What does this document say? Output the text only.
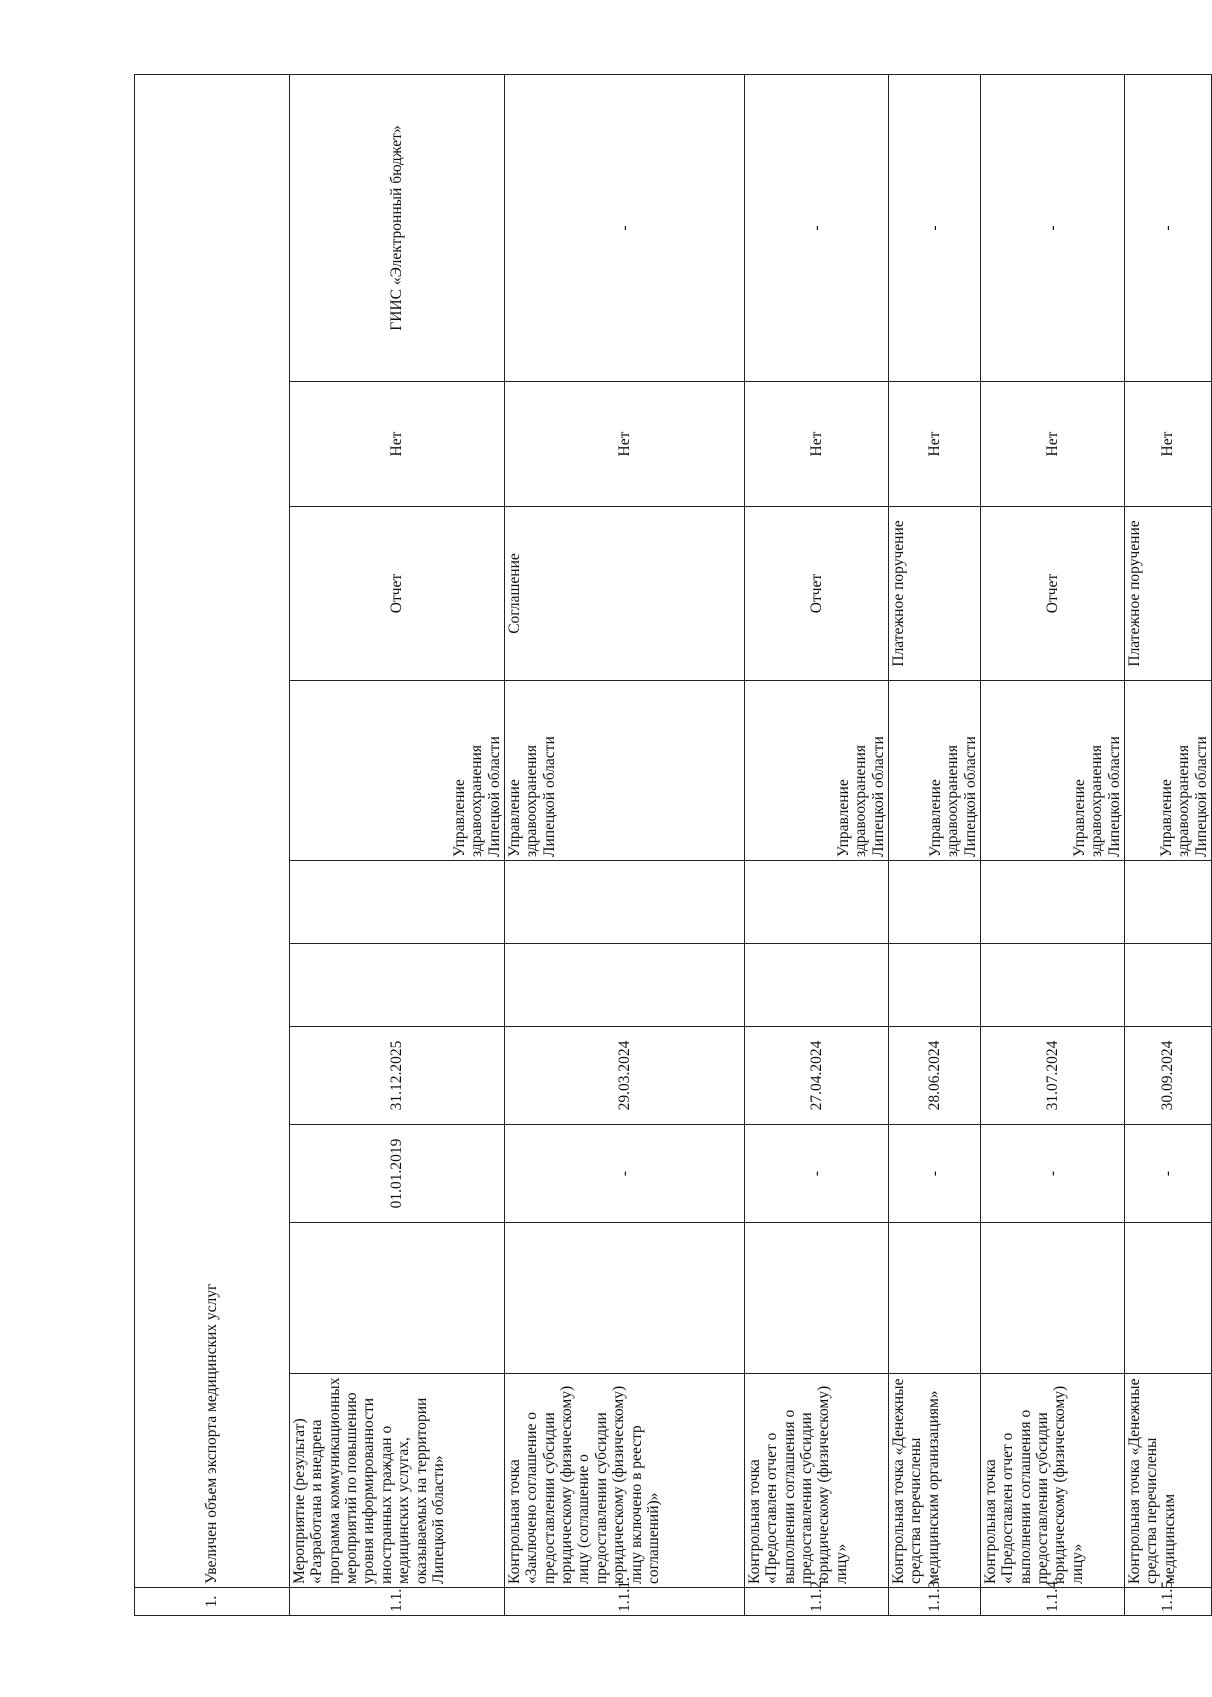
1.	Увеличен объем экспорта медицинских услуг									
1.1.	Мероприятие (результат) «Разработана и внедрена программа коммуникационных мероприятий по повышению уровня информированности иностранных граждан о медицинских услугах, оказываемых на территории Липецкой области»		01.01.2019	31.12.2025			Управление здравоохранения Липецкой области	Отчет	Нет	ГИИС «Электронный бюджет»
1.1.1.	Контрольная точка «Заключено соглашение о предоставлении субсидии юридическому (физическому) лицу (соглашение о предоставлении субсидии юридическому (физическому) лицу включено в реестр соглашений)»		-	29.03.2024			Управление здравоохранения Липецкой области	Соглашение	Нет	-
1.1.2.	Контрольная точка «Предоставлен отчет о выполнении соглашения о предоставлении субсидии юридическому (физическому) лицу»		-	27.04.2024			Управление здравоохранения Липецкой области	Отчет	Нет	-
1.1.3.	Контрольная точка «Денежные средства перечислены медицинским организациям»		-	28.06.2024			Управление здравоохранения Липецкой области	Платежное поручение	Нет	-
1.1.4.	Контрольная точка «Предоставлен отчет о выполнении соглашения о предоставлении субсидии юридическому (физическому) лицу»		-	31.07.2024			Управление здравоохранения Липецкой области	Отчет	Нет	-
1.1.5.	Контрольная точка «Денежные средства перечислены медицинским		-	30.09.2024			Управление здравоохранения Липецкой области	Платежное поручение	Нет	-
